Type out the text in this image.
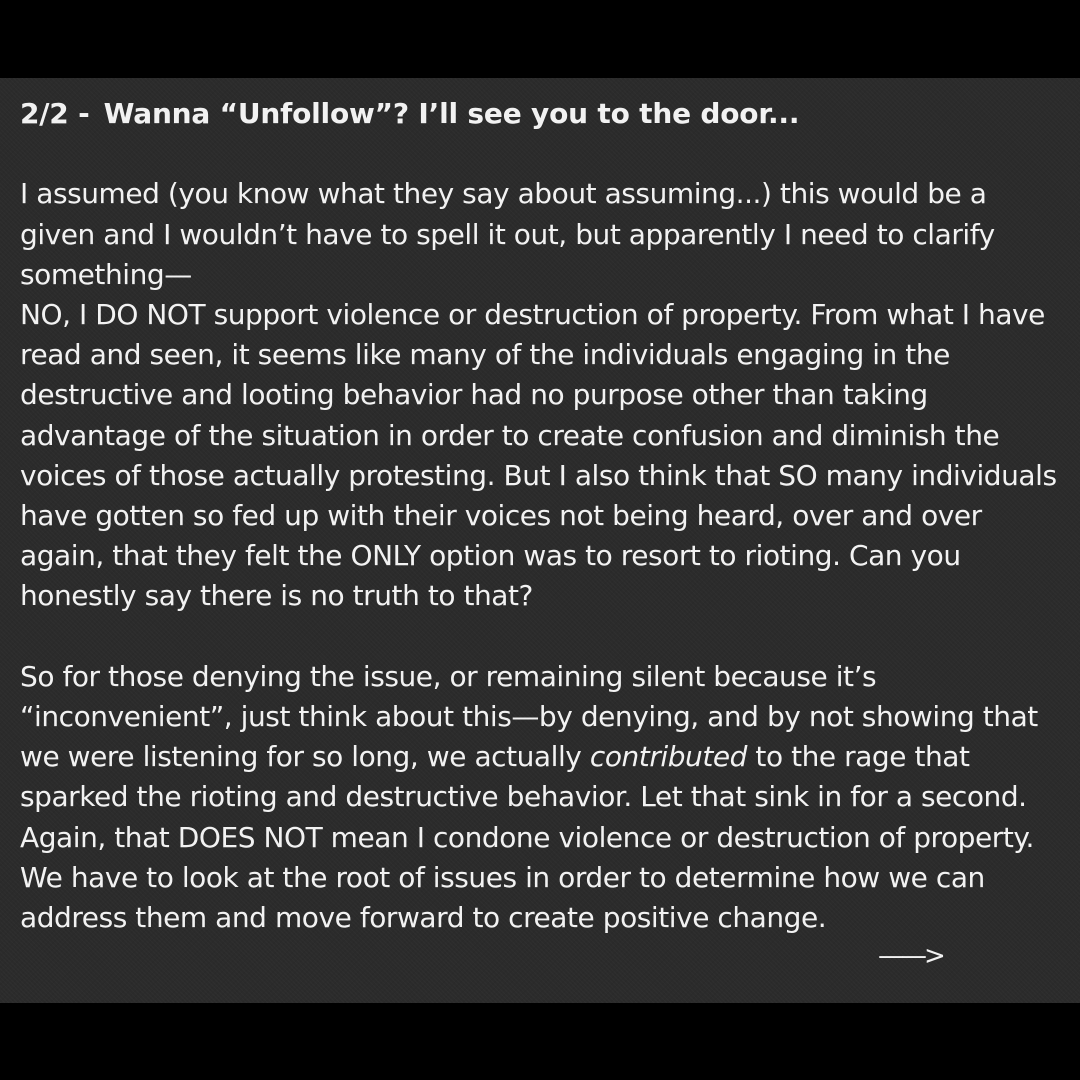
2/2 - Wanna “Unfollow”? I’ll see you to the door...

I assumed (you know what they say about assuming...) this would be a given and I wouldn’t have to spell it out, but apparently I need to clarify something—

NO, I DO NOT support violence or destruction of property. From what I have read and seen, it seems like many of the individuals engaging in the destructive and looting behavior had no purpose other than taking advantage of the situation in order to create confusion and diminish the voices of those actually protesting. But I also think that SO many individuals have gotten so fed up with their voices not being heard, over and over again, that they felt the ONLY option was to resort to rioting. Can you honestly say there is no truth to that?

So for those denying the issue, or remaining silent because it’s “inconvenient”, just think about this—by denying, and by not showing that we were listening for so long, we actually contributed to the rage that sparked the rioting and destructive behavior. Let that sink in for a second. Again, that DOES NOT mean I condone violence or destruction of property. We have to look at the root of issues in order to determine how we can address them and move forward to create positive change.

——>
